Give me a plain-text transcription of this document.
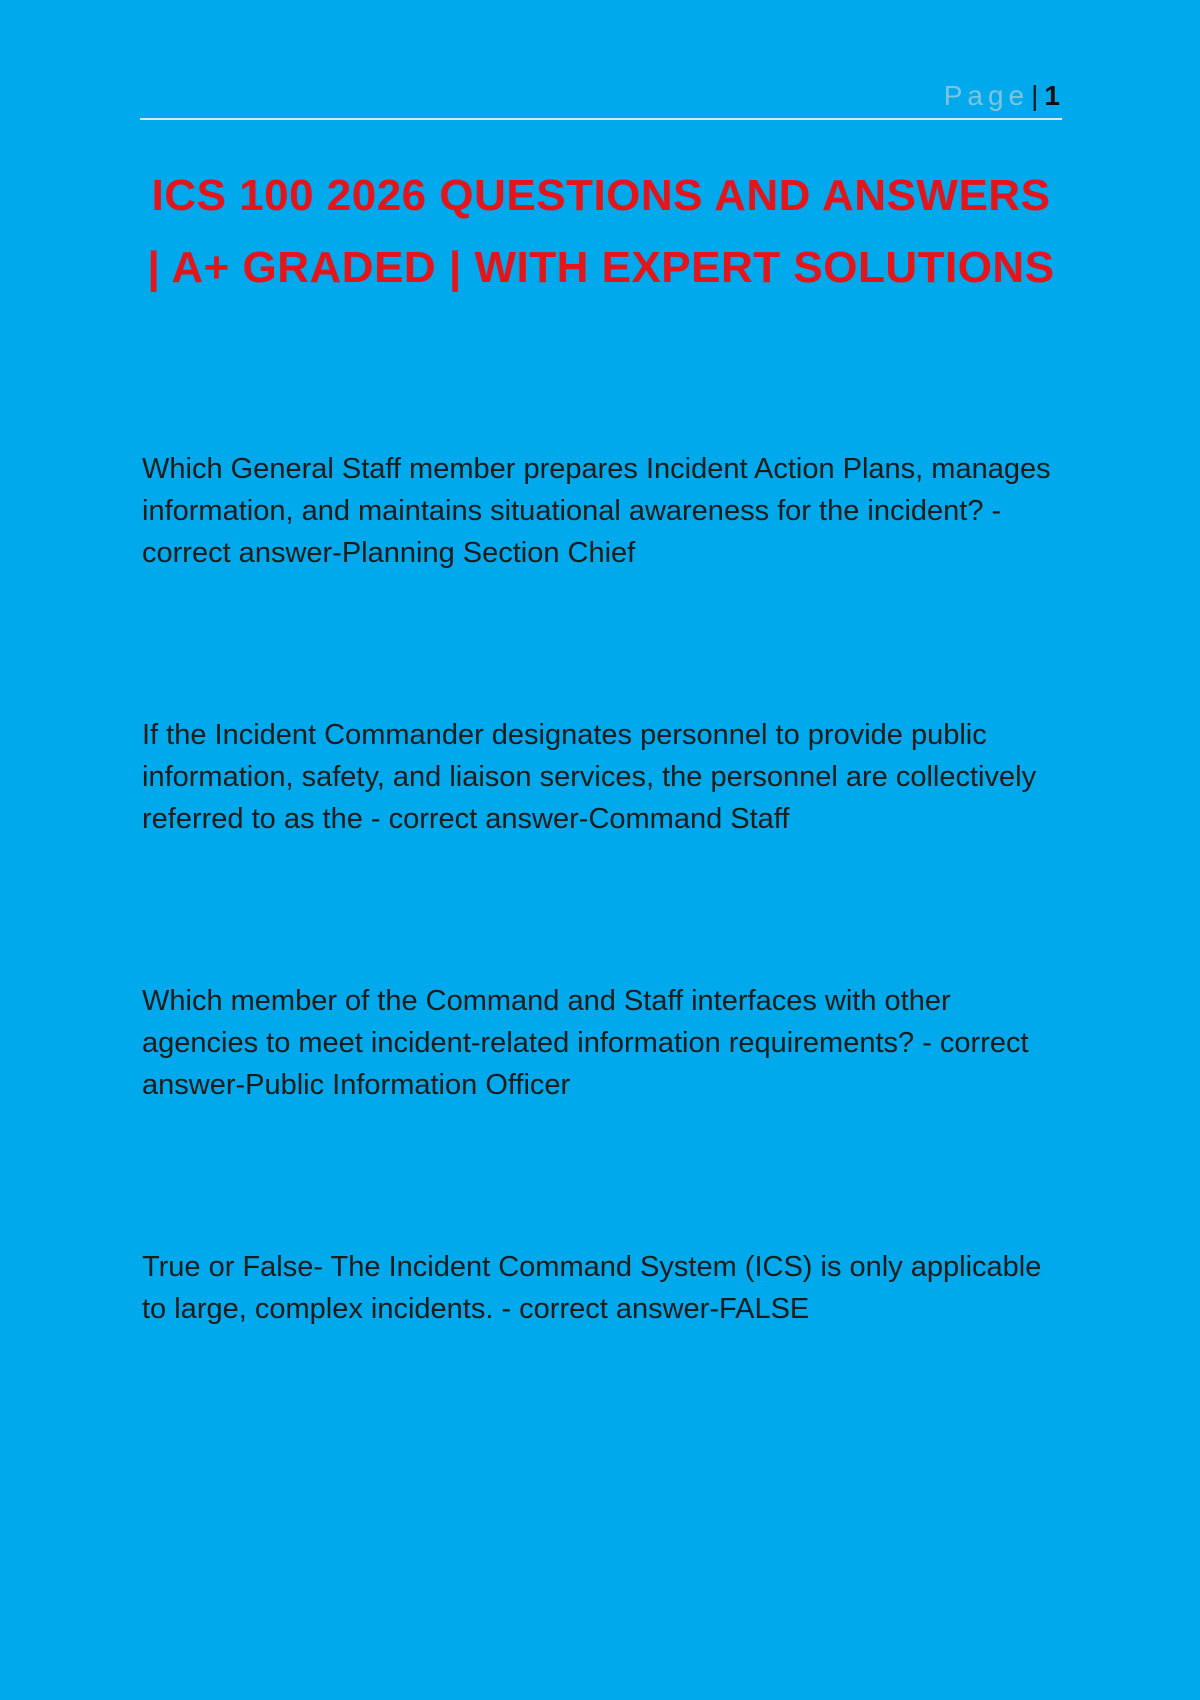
Page| 1
ICS 100 2026 QUESTIONS AND ANSWERS | A+ GRADED | WITH EXPERT SOLUTIONS

Which General Staff member prepares Incident Action Plans, manages information, and maintains situational awareness for the incident? - correct answer-Planning Section Chief

If the Incident Commander designates personnel to provide public information, safety, and liaison services, the personnel are collectively referred to as the - correct answer-Command Staff

Which member of the Command and Staff interfaces with other agencies to meet incident-related information requirements? - correct answer-Public Information Officer

True or False- The Incident Command System (ICS) is only applicable to large, complex incidents. - correct answer-FALSE
